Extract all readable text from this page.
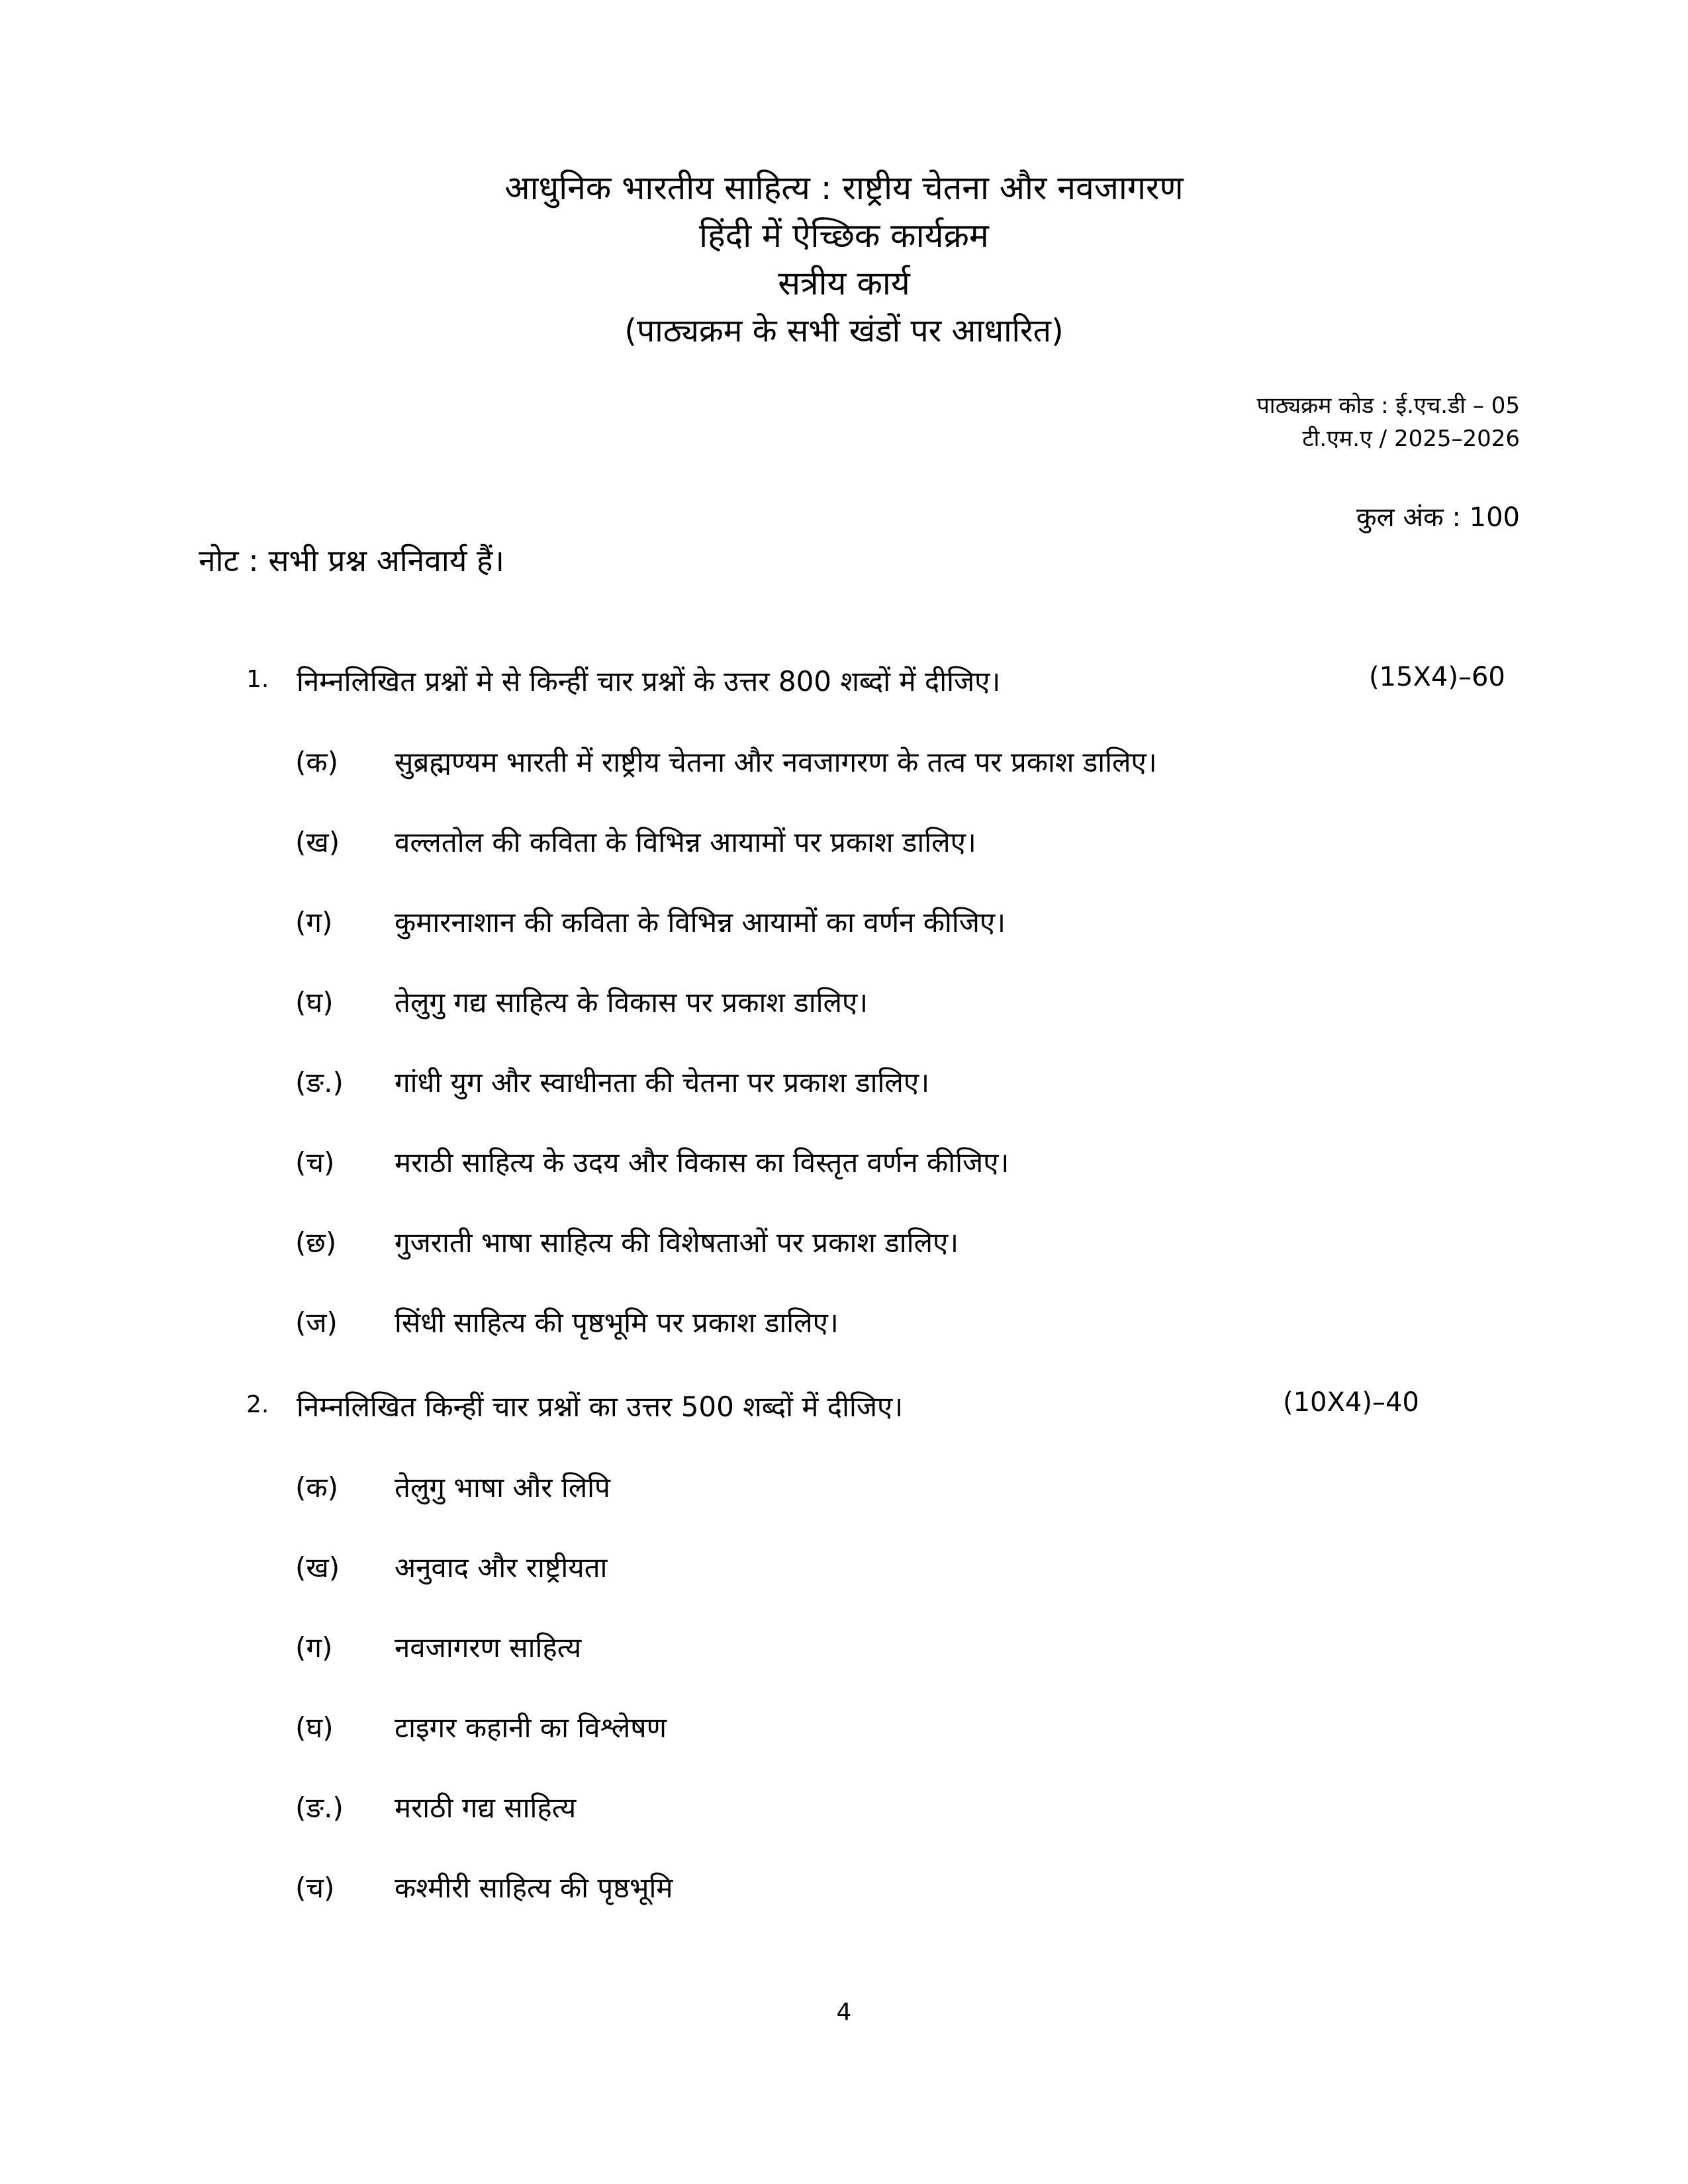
आधुनिक भारतीय साहित्य : राष्ट्रीय चेतना और नवजागरण
हिंदी में ऐच्छिक कार्यक्रम
सत्रीय कार्य
(पाठ्यक्रम के सभी खंडों पर आधारित)
पाठ्यक्रम कोड : ई.एच.डी – 05
टी.एम.ए / 2025–2026
कुल अंक : 100
नोट : सभी प्रश्न अनिवार्य हैं।
1. निम्नलिखित प्रश्नों मे से किन्हीं चार प्रश्नों के उत्तर 800 शब्दों में दीजिए।	(15X4)–60
(क) सुब्रह्मण्यम भारती में राष्ट्रीय चेतना और नवजागरण के तत्व पर प्रकाश डालिए।
(ख) वल्लतोल की कविता के विभिन्न आयामों पर प्रकाश डालिए।
(ग) कुमारनाशान की कविता के विभिन्न आयामों का वर्णन कीजिए।
(घ) तेलुगु गद्य साहित्य के विकास पर प्रकाश डालिए।
(ङ.) गांधी युग और स्वाधीनता की चेतना पर प्रकाश डालिए।
(च) मराठी साहित्य के उदय और विकास का विस्तृत वर्णन कीजिए।
(छ) गुजराती भाषा साहित्य की विशेषताओं पर प्रकाश डालिए।
(ज) सिंधी साहित्य की पृष्ठभूमि पर प्रकाश डालिए।
2. निम्नलिखित किन्हीं चार प्रश्नों का उत्तर 500 शब्दों में दीजिए।	(10X4)–40
(क) तेलुगु भाषा और लिपि
(ख) अनुवाद और राष्ट्रीयता
(ग) नवजागरण साहित्य
(घ) टाइगर कहानी का विश्लेषण
(ङ.) मराठी गद्य साहित्य
(च) कश्मीरी साहित्य की पृष्ठभूमि
4
